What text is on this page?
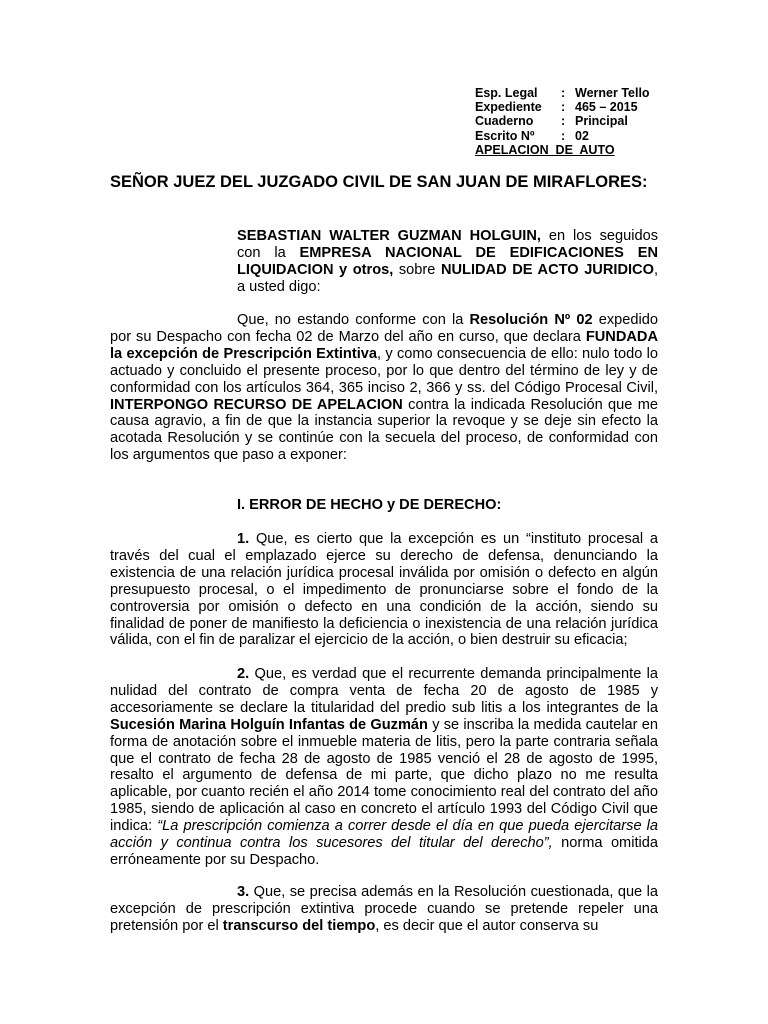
Esp. Legal : Werner Tello
Expediente : 465 – 2015
Cuaderno : Principal
Escrito Nº : 02
APELACION  DE  AUTO
SEÑOR JUEZ DEL JUZGADO CIVIL DE SAN JUAN DE MIRAFLORES:

SEBASTIAN WALTER GUZMAN HOLGUIN, en los seguidos con la EMPRESA NACIONAL DE EDIFICACIONES EN LIQUIDACION y otros, sobre NULIDAD DE ACTO JURIDICO, a usted digo:

Que, no estando conforme con la Resolución Nº 02 expedido por su Despacho con fecha 02 de Marzo del año en curso, que declara FUNDADA la excepción de Prescripción Extintiva, y como consecuencia de ello: nulo todo lo actuado y concluido el presente proceso, por lo que dentro del término de ley y de conformidad con los artículos 364, 365 inciso 2, 366 y ss. del Código Procesal Civil, INTERPONGO RECURSO DE APELACION contra la indicada Resolución que me causa agravio, a fin de que la instancia superior la revoque y se deje sin efecto la acotada Resolución y se continúe con la secuela del proceso, de conformidad con los argumentos que paso a exponer:

I. ERROR DE HECHO y DE DERECHO:

1. Que, es cierto que la excepción es un “instituto procesal a través del cual el emplazado ejerce su derecho de defensa, denunciando la existencia de una relación jurídica procesal inválida por omisión o defecto en algún presupuesto procesal, o el impedimento de pronunciarse sobre el fondo de la controversia por omisión o defecto en una condición de la acción, siendo su finalidad de poner de manifiesto la deficiencia o inexistencia de una relación jurídica válida, con el fin de paralizar el ejercicio de la acción, o bien destruir su eficacia;

2. Que, es verdad que el recurrente demanda principalmente la nulidad del contrato de compra venta de fecha 20 de agosto de 1985 y accesoriamente se declare la titularidad del predio sub litis a los integrantes de la Sucesión Marina Holguín Infantas de Guzmán y se inscriba la medida cautelar en forma de anotación sobre el inmueble materia de litis, pero la parte contraria señala que el contrato de fecha 28 de agosto de 1985 venció el 28 de agosto de 1995, resalto el argumento de defensa de mi parte, que dicho plazo no me resulta aplicable, por cuanto recién el año 2014 tome conocimiento real del contrato del año 1985, siendo de aplicación al caso en concreto el artículo 1993 del Código Civil que indica: “La prescripción comienza a correr desde el día en que pueda ejercitarse la acción y continua contra los sucesores del titular del derecho”, norma omitida erróneamente por su Despacho.

3. Que, se precisa además en la Resolución cuestionada, que la excepción de prescripción extintiva procede cuando se pretende repeler una pretensión por el transcurso del tiempo, es decir que el autor conserva su
